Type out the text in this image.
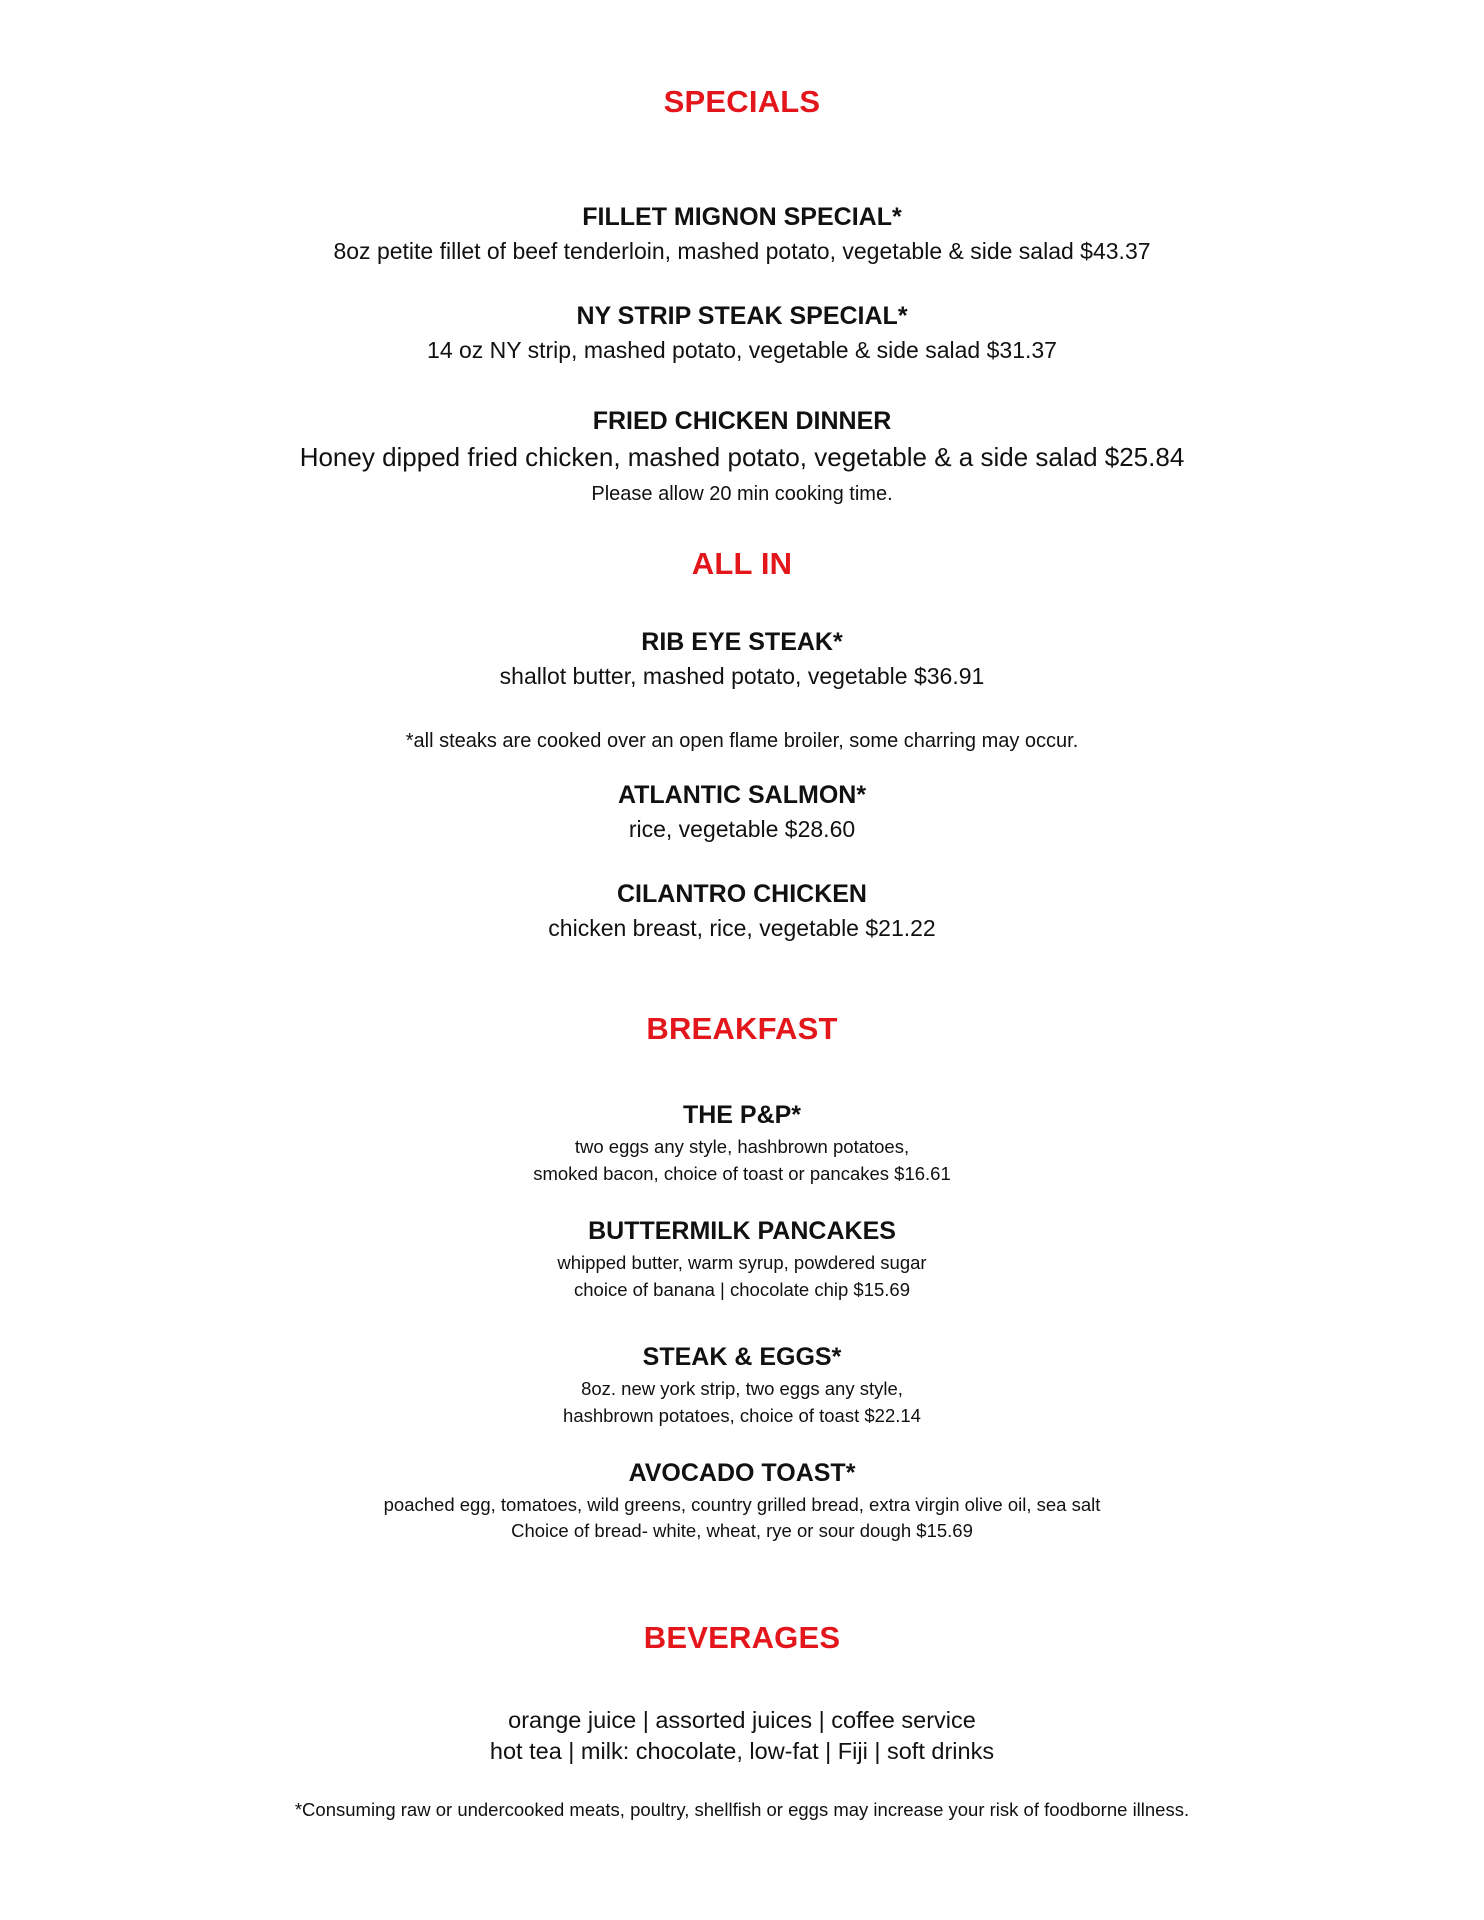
SPECIALS
FILLET MIGNON SPECIAL*
8oz petite fillet of beef tenderloin, mashed potato, vegetable & side salad $43.37
NY STRIP STEAK SPECIAL*
14 oz NY strip, mashed potato, vegetable & side salad $31.37
FRIED CHICKEN DINNER
Honey dipped fried chicken, mashed potato, vegetable & a side salad $25.84
Please allow 20 min cooking time.
ALL IN
RIB EYE STEAK*
shallot butter, mashed potato, vegetable $36.91
*all steaks are cooked over an open flame broiler, some charring may occur.
ATLANTIC SALMON*
rice, vegetable $28.60
CILANTRO CHICKEN
chicken breast, rice, vegetable $21.22
BREAKFAST
THE P&P*
two eggs any style, hashbrown potatoes,
smoked bacon, choice of toast or pancakes $16.61
BUTTERMILK PANCAKES
whipped butter, warm syrup, powdered sugar
choice of banana | chocolate chip $15.69
STEAK & EGGS*
8oz. new york strip, two eggs any style,
hashbrown potatoes, choice of toast $22.14
AVOCADO TOAST*
poached egg, tomatoes, wild greens, country grilled bread, extra virgin olive oil, sea salt
Choice of bread- white, wheat, rye or sour dough $15.69
BEVERAGES
orange juice | assorted juices | coffee service
hot tea | milk: chocolate, low-fat | Fiji | soft drinks
*Consuming raw or undercooked meats, poultry, shellfish or eggs may increase your risk of foodborne illness.
